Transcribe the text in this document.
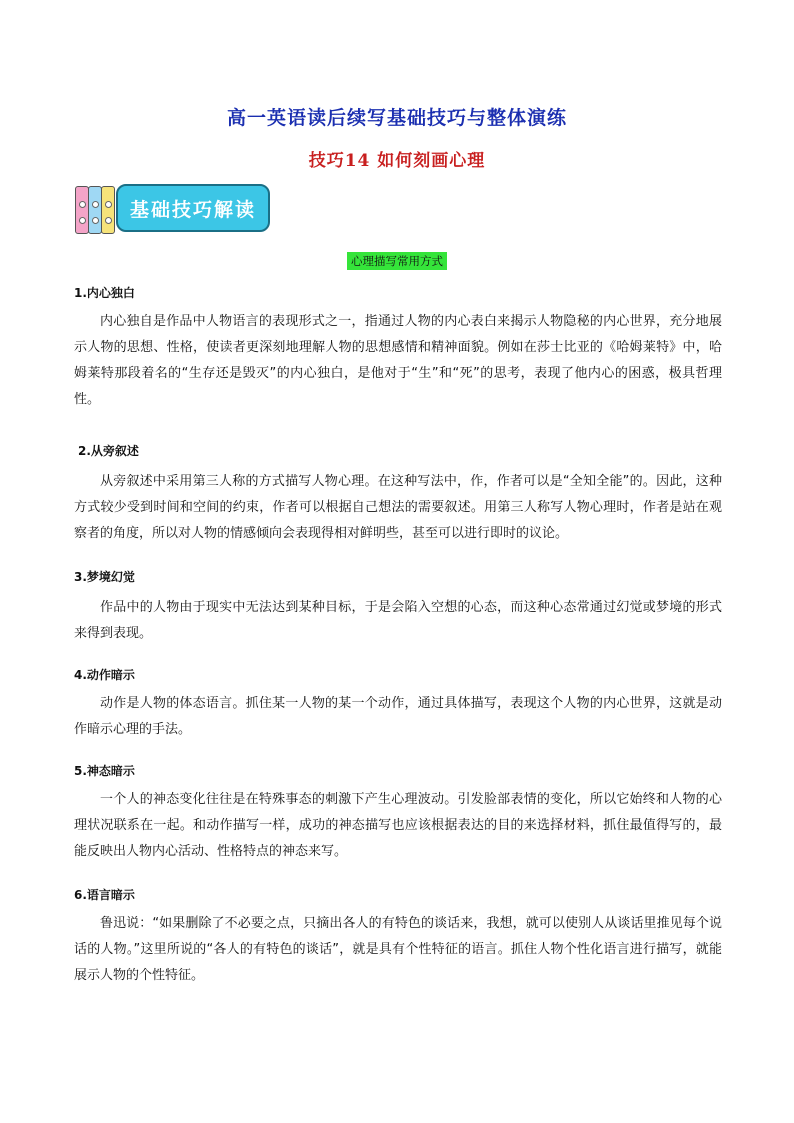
高一英语读后续写基础技巧与整体演练
技巧14 如何刻画心理
基础技巧解读
心理描写常用方式
1.内心独白
内心独自是作品中人物语言的表现形式之一，指通过人物的内心表白来揭示人物隐秘的内心世界，充分地展示人物的思想、性格，使读者更深刻地理解人物的思想感情和精神面貌。例如在莎士比亚的《哈姆莱特》中，哈姆莱特那段着名的“生存还是毁灭”的内心独白，是他对于“生”和“死”的思考，表现了他内心的困惑，极具哲理性。
2.从旁叙述
从旁叙述中采用第三人称的方式描写人物心理。在这种写法中，作，作者可以是“全知全能”的。因此，这种方式较少受到时间和空间的约束，作者可以根据自己想法的需要叙述。用第三人称写人物心理时，作者是站在观察者的角度，所以对人物的情感倾向会表现得相对鲜明些，甚至可以进行即时的议论。
3.梦境幻觉
作品中的人物由于现实中无法达到某种目标，于是会陷入空想的心态，而这种心态常通过幻觉或梦境的形式来得到表现。
4.动作暗示
动作是人物的体态语言。抓住某一人物的某一个动作，通过具体描写，表现这个人物的内心世界，这就是动作暗示心理的手法。
5.神态暗示
一个人的神态变化往往是在特殊事态的刺激下产生心理波动。引发脸部表情的变化，所以它始终和人物的心理状况联系在一起。和动作描写一样，成功的神态描写也应该根据表达的目的来选择材料，抓住最值得写的，最能反映出人物内心活动、性格特点的神态来写。
6.语言暗示
鲁迅说：“如果删除了不必要之点，只摘出各人的有特色的谈话来，我想，就可以使别人从谈话里推见每个说话的人物。”这里所说的“各人的有特色的谈话”，就是具有个性特征的语言。抓住人物个性化语言进行描写，就能展示人物的个性特征。
